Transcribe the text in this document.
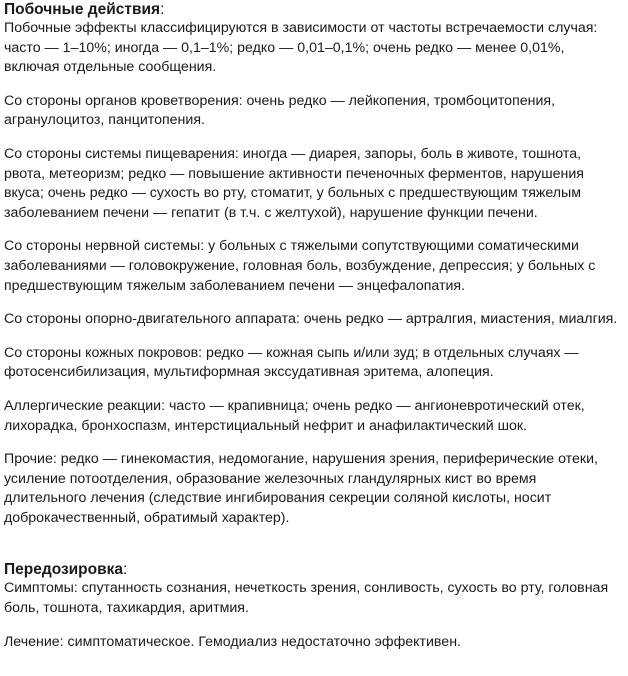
Побочные действия:

Побочные эффекты классифицируются в зависимости от частоты встречаемости случая: часто — 1–10%; иногда — 0,1–1%; редко — 0,01–0,1%; очень редко — менее 0,01%, включая отдельные сообщения.

Со стороны органов кроветворения: очень редко — лейкопения, тромбоцитопения, агранулоцитоз, панцитопения.

Со стороны системы пищеварения: иногда — диарея, запоры, боль в животе, тошнота, рвота, метеоризм; редко — повышение активности печеночных ферментов, нарушения вкуса; очень редко — сухость во рту, стоматит, у больных с предшествующим тяжелым заболеванием печени — гепатит (в т.ч. с желтухой), нарушение функции печени.

Со стороны нервной системы: у больных с тяжелыми сопутствующими соматическими заболеваниями — головокружение, головная боль, возбуждение, депрессия; у больных с предшествующим тяжелым заболеванием печени — энцефалопатия.

Со стороны опорно-двигательного аппарата: очень редко — артралгия, миастения, миалгия.

Со стороны кожных покровов: редко — кожная сыпь и/или зуд; в отдельных случаях — фотосенсибилизация, мультиформная экссудативная эритема, алопеция.

Аллергические реакции: часто — крапивница; очень редко — ангионевротический отек, лихорадка, бронхоспазм, интерстициальный нефрит и анафилактический шок.

Прочие: редко — гинекомастия, недомогание, нарушения зрения, периферические отеки, усиление потоотделения, образование железочных гландулярных кист во время длительного лечения (следствие ингибирования секреции соляной кислоты, носит доброкачественный, обратимый характер).

Передозировка:

Симптомы: спутанность сознания, нечеткость зрения, сонливость, сухость во рту, головная боль, тошнота, тахикардия, аритмия.

Лечение: симптоматическое. Гемодиализ недостаточно эффективен.
